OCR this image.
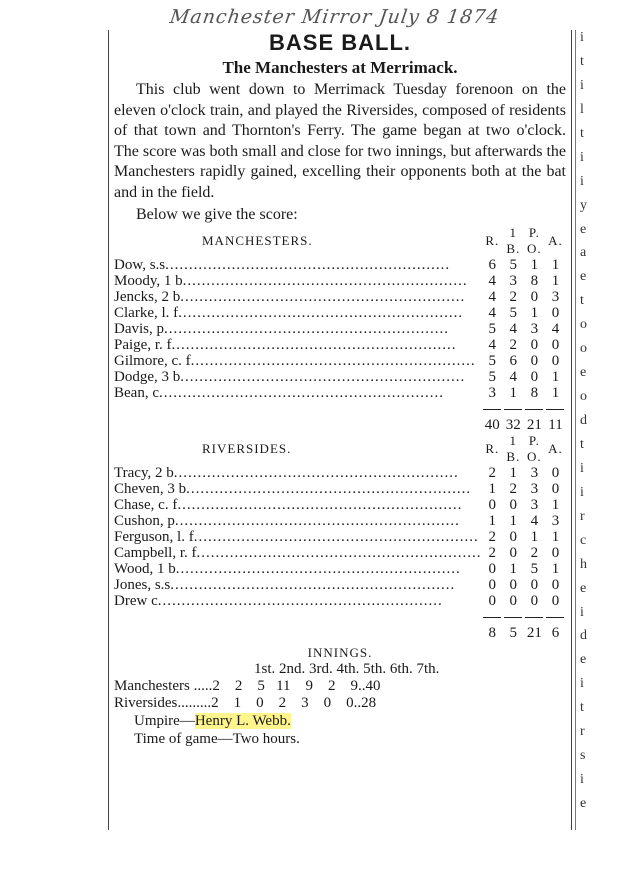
Manchester Mirror July 8 1874
i
t
i
l
t
i
i
y
e
a
e
t
o
o
e
o
d
t
i
i
r
c
h
e
i
d
e
i
t
r
s
i
e
BASE BALL.
The Manchesters at Merrimack.

This club went down to Merrimack Tuesday forenoon on the eleven o'clock train, and played the Riversides, composed of residents of that town and Thornton's Ferry. The game began at two o'clock. The score was both small and close for two innings, but afterwards the Manchesters rapidly gained, excelling their opponents both at the bat and in the field.

Below we give the score:
MANCHESTERS.	R.	1 B.	P. O.	A.
Dow, s.s............................................................	6	5	1	1
Moody, 1 b............................................................	4	3	8	1
Jencks, 2 b............................................................	4	2	0	3
Clarke, l. f............................................................	4	5	1	0
Davis, p............................................................	5	4	3	4
Paige, r. f............................................................	4	2	0	0
Gilmore, c. f............................................................	5	6	0	0
Dodge, 3 b............................................................	5	4	0	1
Bean, c............................................................	3	1	8	1

	40	32	21	11
RIVERSIDES.	R.	1 B.	P. O.	A.
Tracy, 2 b............................................................	2	1	3	0
Cheven, 3 b............................................................	1	2	3	0
Chase, c. f............................................................	0	0	3	1
Cushon, p............................................................	1	1	4	3
Ferguson, l. f............................................................	2	0	1	1
Campbell, r. f............................................................	2	0	2	0
Wood, 1 b............................................................	0	1	5	1
Jones, s.s............................................................	0	0	0	0
Drew c............................................................	0	0	0	0

	8	5	21	6
INNINGS.
1st. 2nd. 3rd. 4th. 5th. 6th. 7th.
Manchesters .....2    2    5   11    9    2    9..40
Riversides.........2    1    0    2    3    0    0..28
Umpire—Henry L. Webb.
Time of game—Two hours.
